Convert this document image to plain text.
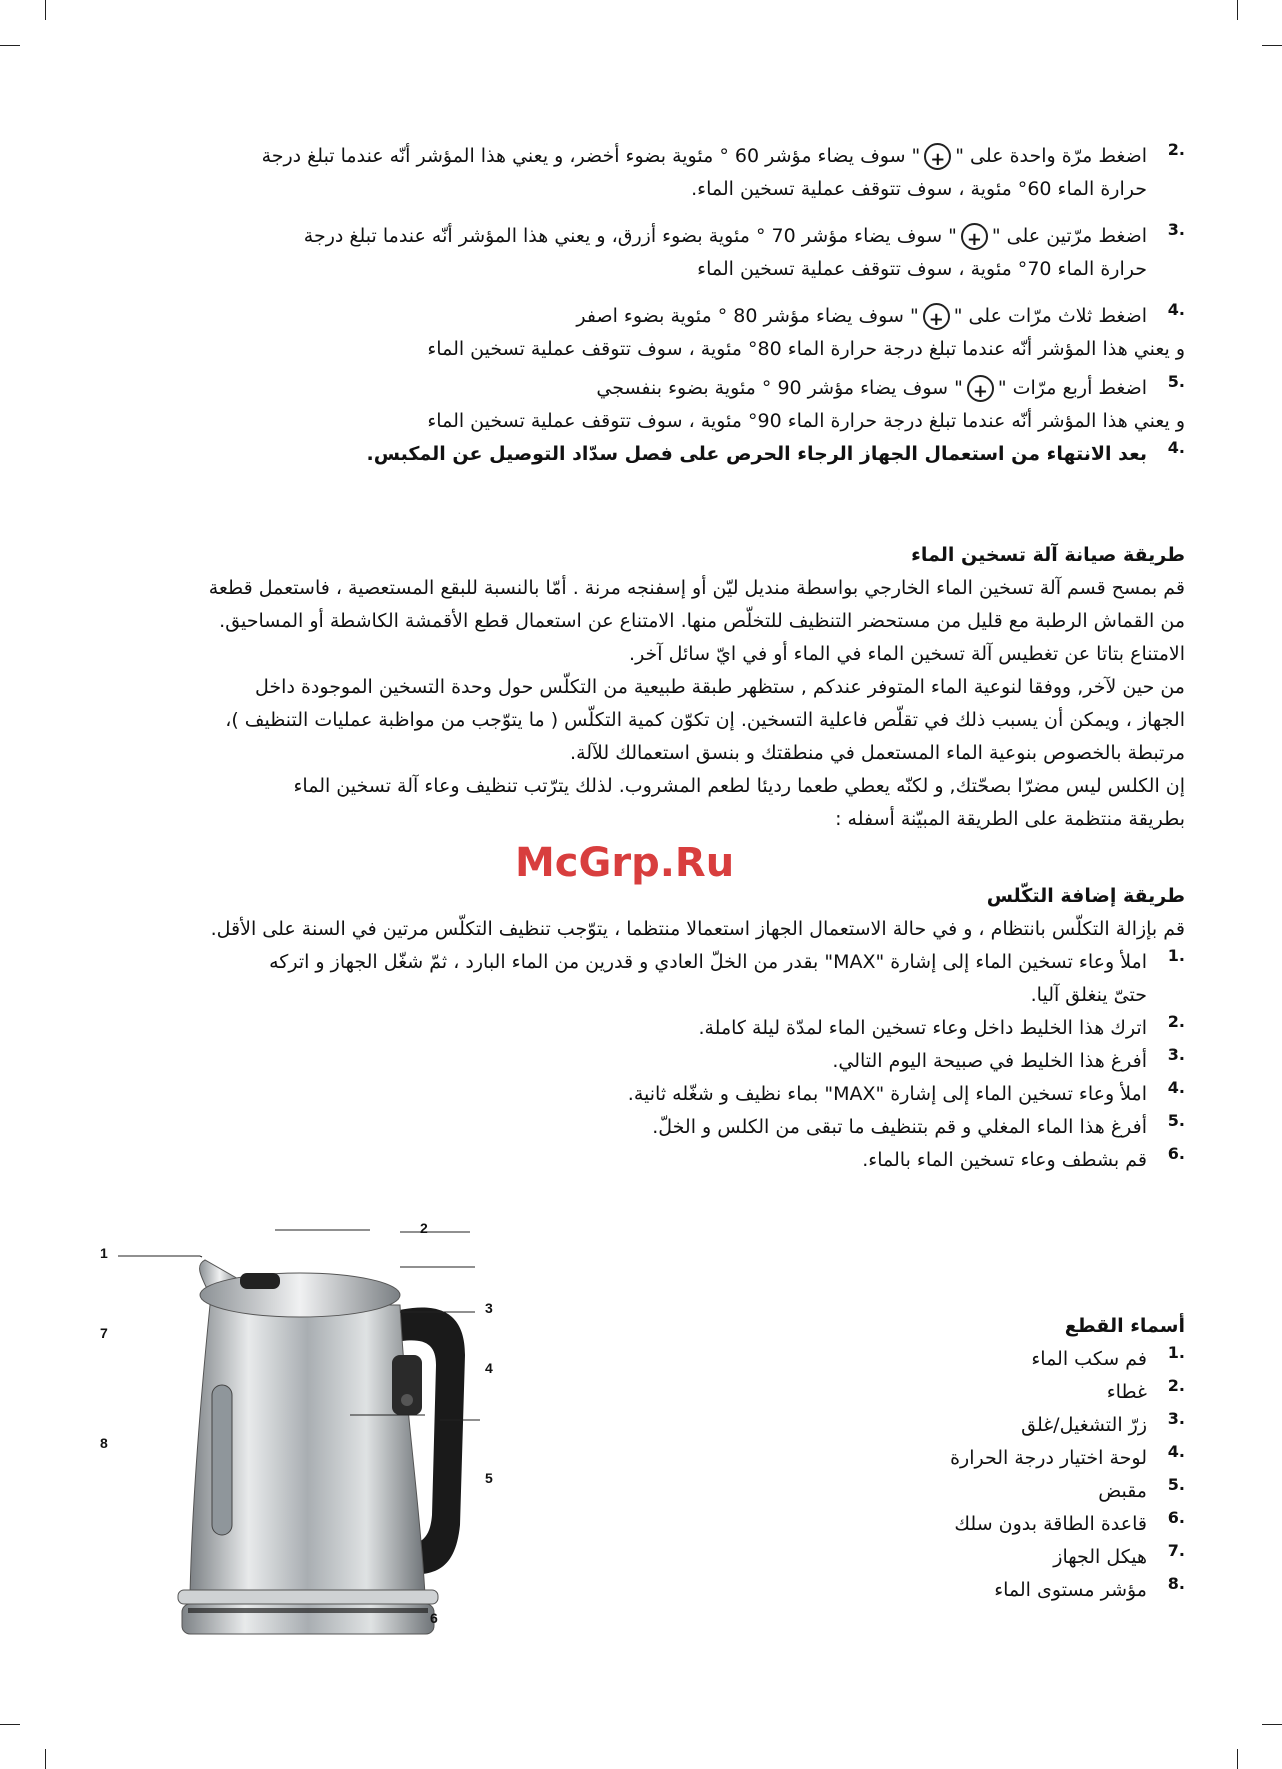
2.

اضغط مرّة واحدة على "+" سوف يضاء مؤشر 60 ° مئوية بضوء أخضر، و يعني هذا المؤشر أنّه عندما تبلغ درجة

حرارة الماء 60° مئوية ، سوف تتوقف عملية تسخين الماء.

3.

اضغط مرّتين على "+" سوف يضاء مؤشر 70 ° مئوية بضوء أزرق، و يعني هذا المؤشر أنّه عندما تبلغ درجة

حرارة الماء 70° مئوية ، سوف تتوقف عملية تسخين الماء

4.

اضغط ثلاث مرّات على "+" سوف يضاء مؤشر 80 ° مئوية بضوء اصفر

و يعني هذا المؤشر أنّه عندما تبلغ درجة حرارة الماء 80° مئوية ، سوف تتوقف عملية تسخين الماء

5.

اضغط أربع مرّات "+" سوف يضاء مؤشر 90 ° مئوية بضوء بنفسجي

و يعني هذا المؤشر أنّه عندما تبلغ درجة حرارة الماء 90° مئوية ، سوف تتوقف عملية تسخين الماء

4.

بعد الانتهاء من استعمال الجهاز الرجاء الحرص على فصل سدّاد التوصيل عن المكبس.

طريقة صيانة آلة تسخين الماء

قم بمسح قسم آلة تسخين الماء الخارجي بواسطة منديل ليّن أو إسفنجه مرنة . أمّا بالنسبة للبقع المستعصية ، فاستعمل قطعة

من القماش الرطبة مع قليل من مستحضر التنظيف للتخلّص منها. الامتناع عن استعمال قطع الأقمشة الكاشطة أو المساحيق.

الامتناع بتاتا عن تغطيس آلة تسخين الماء في الماء أو في ايّ سائل آخر.

من حين لآخر, ووفقا لنوعية الماء المتوفر عندكم , ستظهر طبقة طبيعية من التكلّس حول وحدة التسخين الموجودة داخل

الجهاز ، ويمكن أن يسبب ذلك في تقلّص فاعلية التسخين. إن تكوّن كمية التكلّس ( ما يتوّجب من مواظبة عمليات التنظيف )،

مرتبطة بالخصوص بنوعية الماء المستعمل في منطقتك و بنسق استعمالك للآلة.

إن الكلس ليس مضرّا بصحّتك, و لكنّه يعطي طعما رديئا لطعم المشروب. لذلك يترّتب تنظيف وعاء آلة تسخين الماء

بطريقة منتظمة على الطريقة المبيّنة أسفله :

طريقة إضافة التكّلس

قم بإزالة التكلّس بانتظام ، و في حالة الاستعمال الجهاز استعمالا منتظما ، يتوّجب تنظيف التكلّس مرتين في السنة على الأقل.

1.

املأ وعاء تسخين الماء إلى إشارة "MAX" بقدر من الخلّ العادي و قدرين من الماء البارد ، ثمّ شغّل الجهاز و اتركه

حتىّ ينغلق آليا.

2.

اترك هذا الخليط داخل وعاء تسخين الماء لمدّة ليلة كاملة.

3.

أفرغ هذا الخليط في صبيحة اليوم التالي.

4.

املأ وعاء تسخين الماء إلى إشارة "MAX" بماء نظيف و شغّله ثانية.

5.

أفرغ هذا الماء المغلي و قم بتنظيف ما تبقى من الكلس و الخلّ.

6.

قم بشطف وعاء تسخين الماء بالماء.

McGrp.Ru

أسماء القطع

1.

فم سكب الماء

2.

غطاء

3.

زرّ التشغيل/غلق

4.

لوحة اختيار درجة الحرارة

5.

مقبض

6.

قاعدة الطاقة بدون سلك

7.

هيكل الجهاز

8.

مؤشر مستوى الماء

1
2
3
4
5
6
7
8
